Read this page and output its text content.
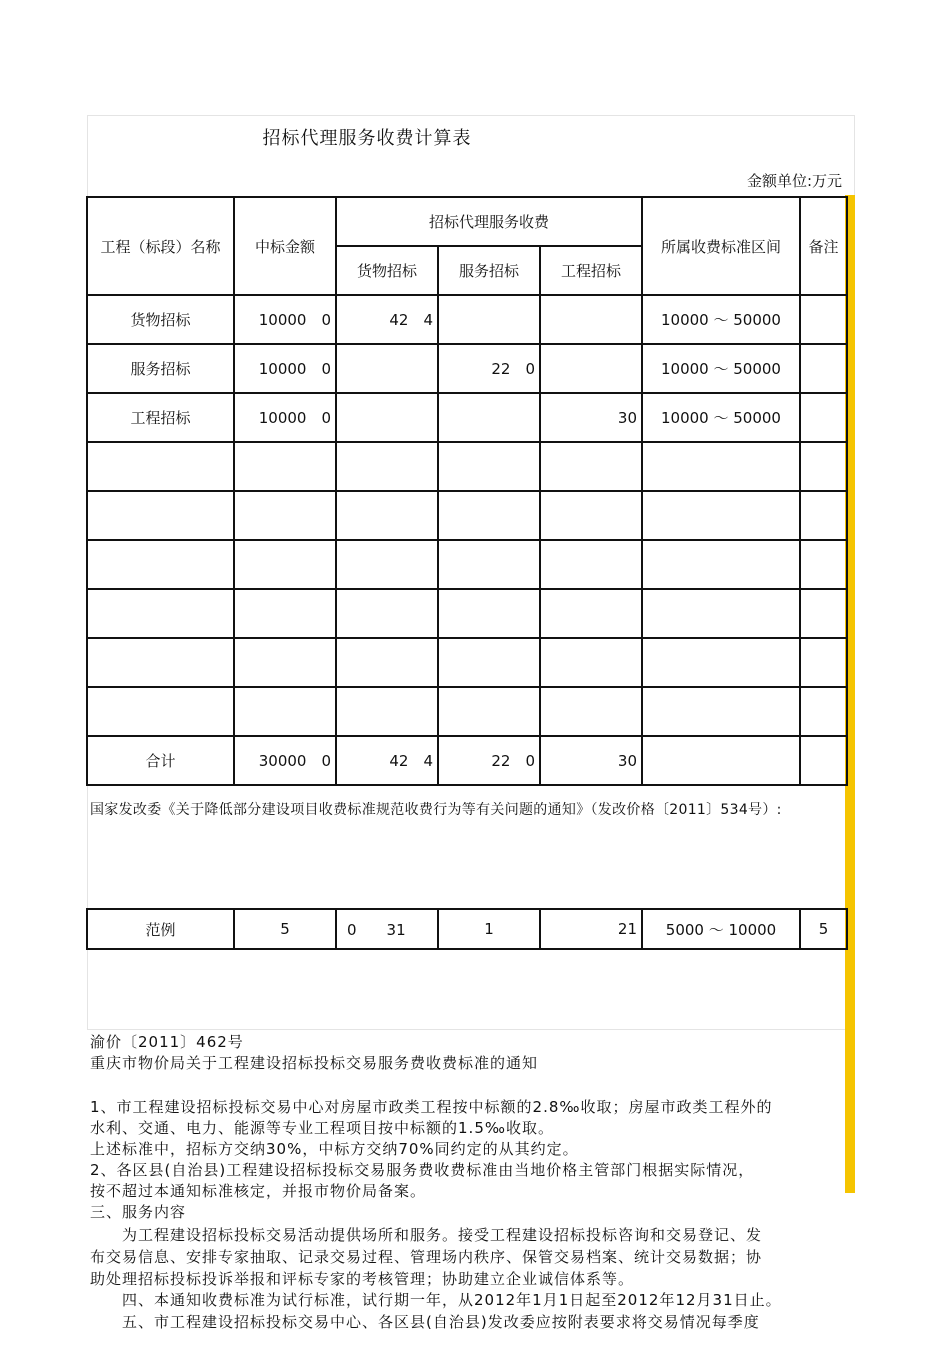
招标代理服务收费计算表
金额单位:万元
工程（标段）名称	中标金额	招标代理服务收费			所属收费标准区间	备注
		货物招标	服务招标	工程招标		
货物招标	10000　0	42　4			10000 ～ 50000	
服务招标	10000　0		22　0		10000 ～ 50000	
工程招标	10000　0			30	10000 ～ 50000	

合计	30000　0	42　4	22　0	30		
国家发改委《关于降低部分建设项目收费标准规范收费行为等有关问题的通知》（发改价格〔2011〕534号）:
范例	5	0　　31	1	21	5000 ～ 10000	5
渝价〔2011〕462号
重庆市物价局关于工程建设招标投标交易服务费收费标准的通知
1、市工程建设招标投标交易中心对房屋市政类工程按中标额的2.8‰收取；房屋市政类工程外的
水利、交通、电力、能源等专业工程项目按中标额的1.5‰收取。
上述标准中，招标方交纳30%，中标方交纳70%同约定的从其约定。
2、各区县(自治县)工程建设招标投标交易服务费收费标准由当地价格主管部门根据实际情况，
按不超过本通知标准核定，并报市物价局备案。
三、服务内容
　　为工程建设招标投标交易活动提供场所和服务。接受工程建设招标投标咨询和交易登记、发
布交易信息、安排专家抽取、记录交易过程、管理场内秩序、保管交易档案、统计交易数据；协
助处理招标投标投诉举报和评标专家的考核管理；协助建立企业诚信体系等。
　　四、本通知收费标准为试行标准，试行期一年，从2012年1月1日起至2012年12月31日止。
　　五、市工程建设招标投标交易中心、各区县(自治县)发改委应按附表要求将交易情况每季度
